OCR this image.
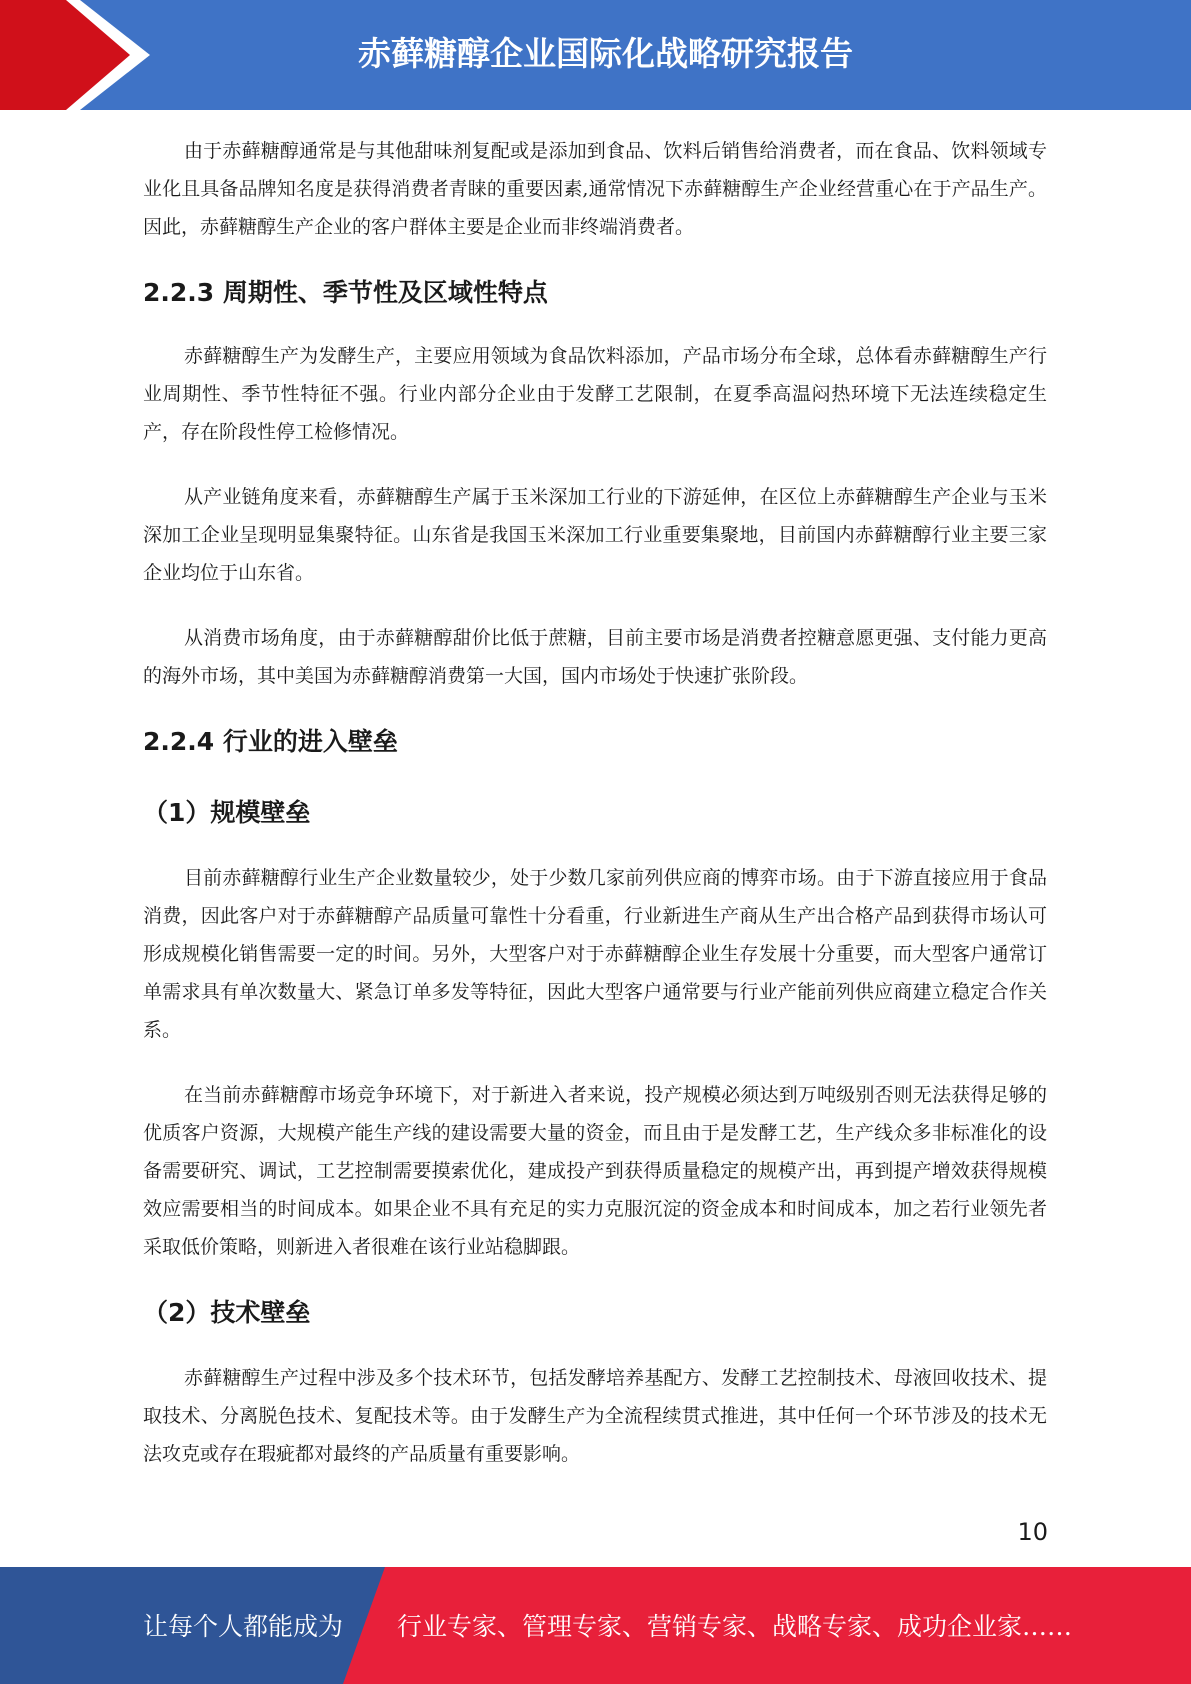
赤藓糖醇企业国际化战略研究报告

由于赤藓糖醇通常是与其他甜味剂复配或是添加到食品、饮料后销售给消费者，而在食品、饮料领域专业化且具备品牌知名度是获得消费者青睐的重要因素,通常情况下赤藓糖醇生产企业经营重心在于产品生产。因此，赤藓糖醇生产企业的客户群体主要是企业而非终端消费者。

2.2.3 周期性、季节性及区域性特点

赤藓糖醇生产为发酵生产，主要应用领域为食品饮料添加，产品市场分布全球，总体看赤藓糖醇生产行业周期性、季节性特征不强。行业内部分企业由于发酵工艺限制，在夏季高温闷热环境下无法连续稳定生产，存在阶段性停工检修情况。

从产业链角度来看，赤藓糖醇生产属于玉米深加工行业的下游延伸，在区位上赤藓糖醇生产企业与玉米深加工企业呈现明显集聚特征。山东省是我国玉米深加工行业重要集聚地，目前国内赤藓糖醇行业主要三家企业均位于山东省。

从消费市场角度，由于赤藓糖醇甜价比低于蔗糖，目前主要市场是消费者控糖意愿更强、支付能力更高的海外市场，其中美国为赤藓糖醇消费第一大国，国内市场处于快速扩张阶段。

2.2.4 行业的进入壁垒
（1）规模壁垒

目前赤藓糖醇行业生产企业数量较少，处于少数几家前列供应商的博弈市场。由于下游直接应用于食品消费，因此客户对于赤藓糖醇产品质量可靠性十分看重，行业新进生产商从生产出合格产品到获得市场认可形成规模化销售需要一定的时间。另外，大型客户对于赤藓糖醇企业生存发展十分重要，而大型客户通常订单需求具有单次数量大、紧急订单多发等特征，因此大型客户通常要与行业产能前列供应商建立稳定合作关系。

在当前赤藓糖醇市场竞争环境下，对于新进入者来说，投产规模必须达到万吨级别否则无法获得足够的优质客户资源，大规模产能生产线的建设需要大量的资金，而且由于是发酵工艺，生产线众多非标准化的设备需要研究、调试，工艺控制需要摸索优化，建成投产到获得质量稳定的规模产出，再到提产增效获得规模效应需要相当的时间成本。如果企业不具有充足的实力克服沉淀的资金成本和时间成本，加之若行业领先者采取低价策略，则新进入者很难在该行业站稳脚跟。

（2）技术壁垒

赤藓糖醇生产过程中涉及多个技术环节，包括发酵培养基配方、发酵工艺控制技术、母液回收技术、提取技术、分离脱色技术、复配技术等。由于发酵生产为全流程续贯式推进，其中任何一个环节涉及的技术无法攻克或存在瑕疵都对最终的产品质量有重要影响。

10
让每个人都能成为 行业专家、管理专家、营销专家、战略专家、成功企业家……
